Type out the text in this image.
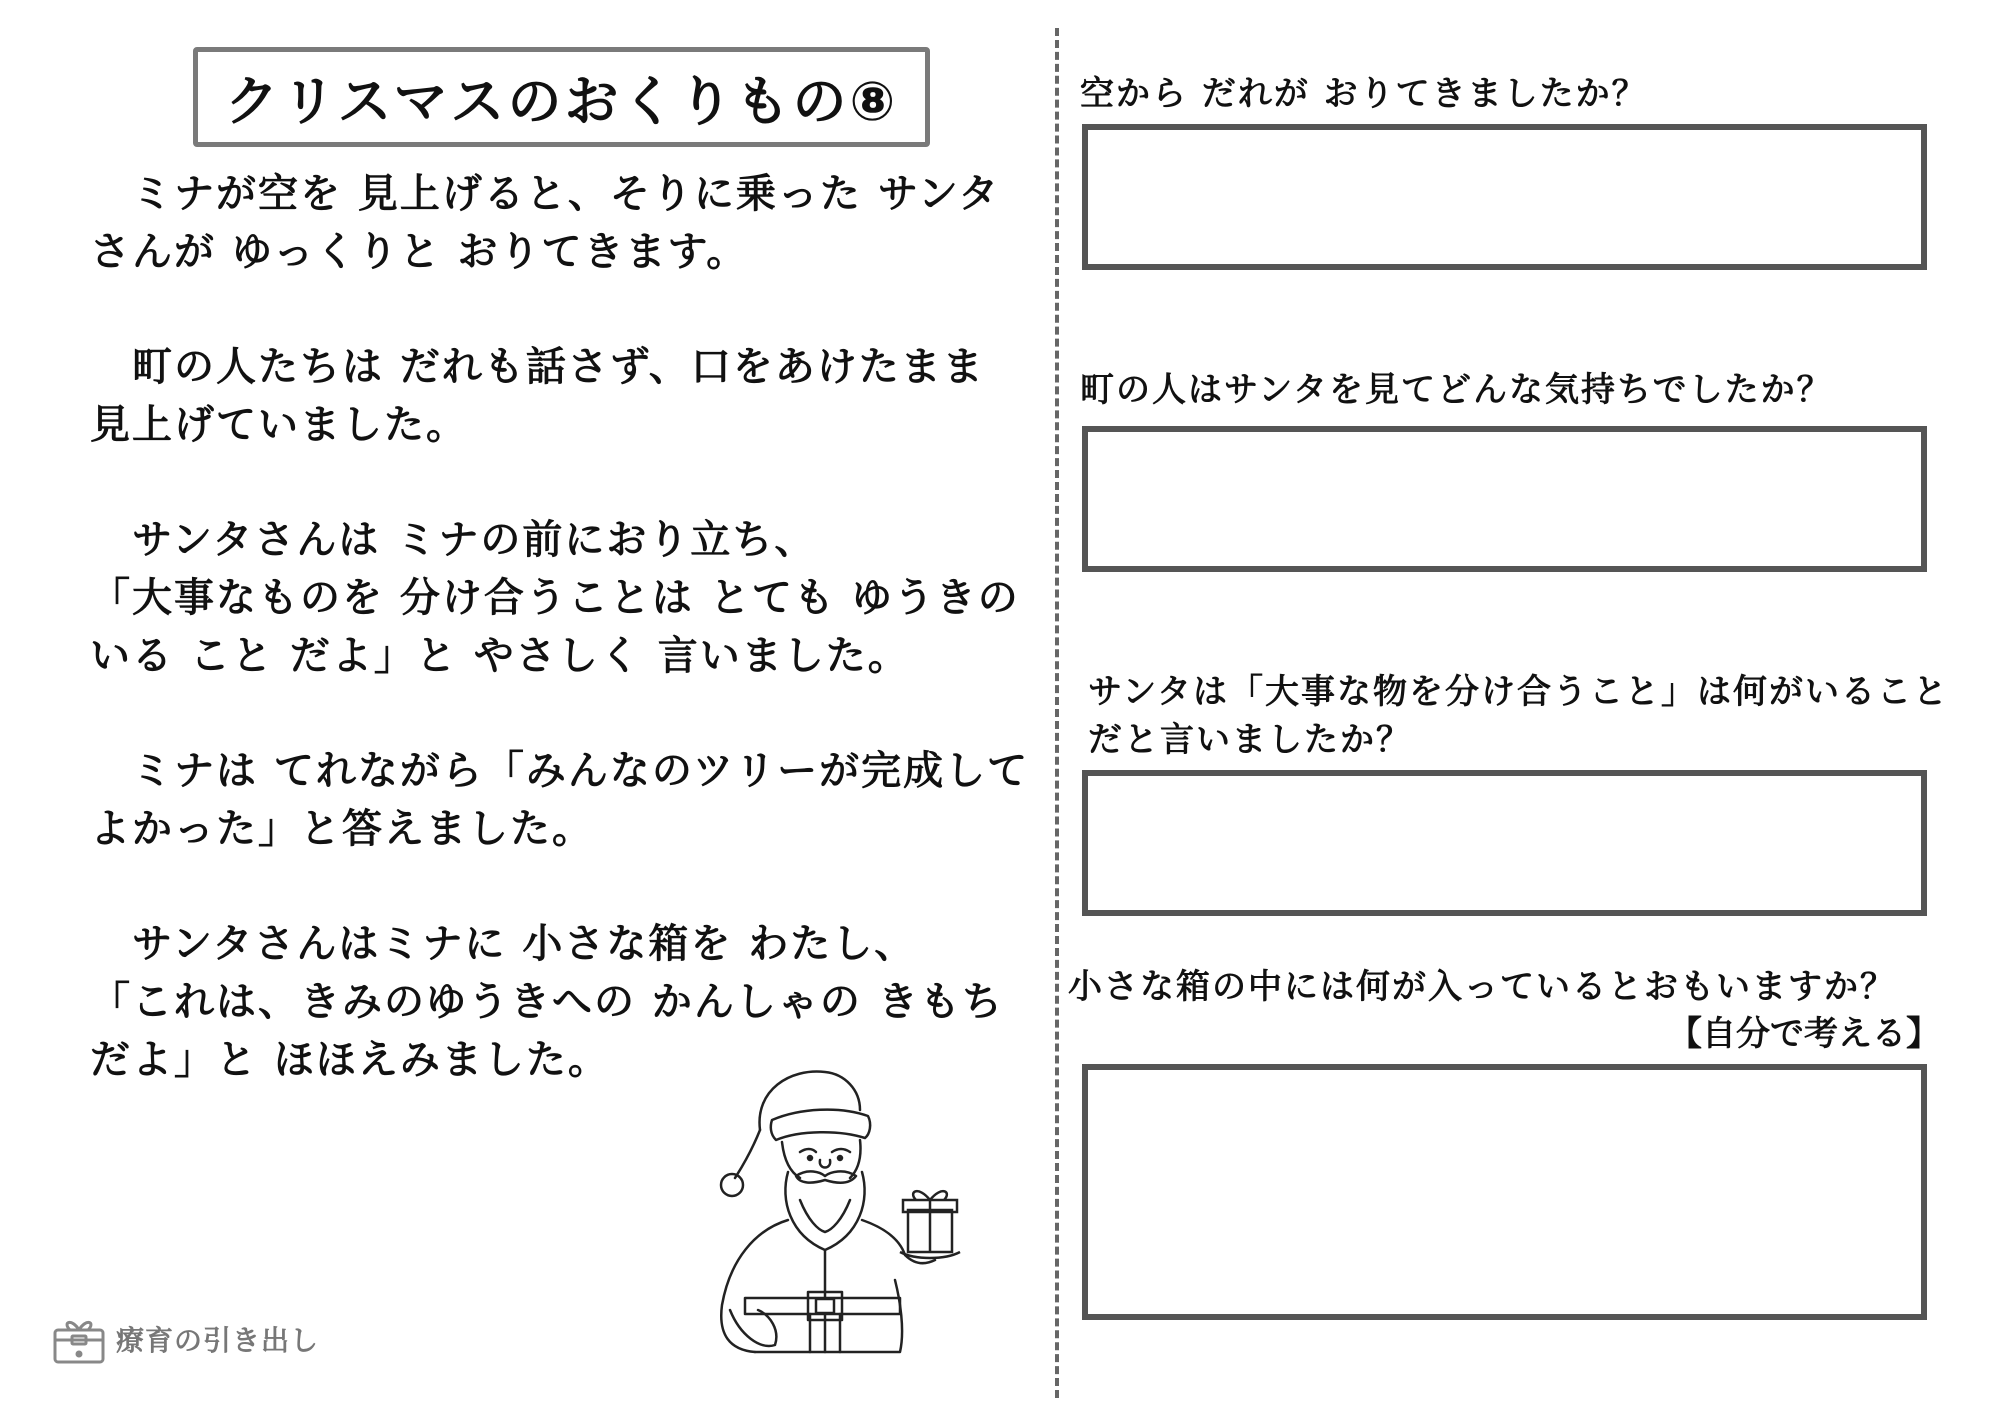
クリスマスのおくりもの⑧
　ミナが空を 見上げると、そりに乗った サンタ
さんが ゆっくりと おりてきます。
　町の人たちは だれも話さず、口をあけたまま
見上げていました。
　サンタさんは ミナの前におり立ち、
「大事なものを 分け合うことは とても ゆうきの
いる こと だよ」と やさしく 言いました。
　ミナは てれながら「みんなのツリーが完成して
よかった」と答えました。
　サンタさんはミナに 小さな箱を わたし、
「これは、きみのゆうきへの かんしゃの きもち
だよ」と ほほえみました。
空から だれが おりてきましたか？
町の人はサンタを見てどんな気持ちでしたか？
サンタは「大事な物を分け合うこと」は何がいること
だと言いましたか？
小さな箱の中には何が入っているとおもいますか？
【自分で考える】
療育の引き出し
